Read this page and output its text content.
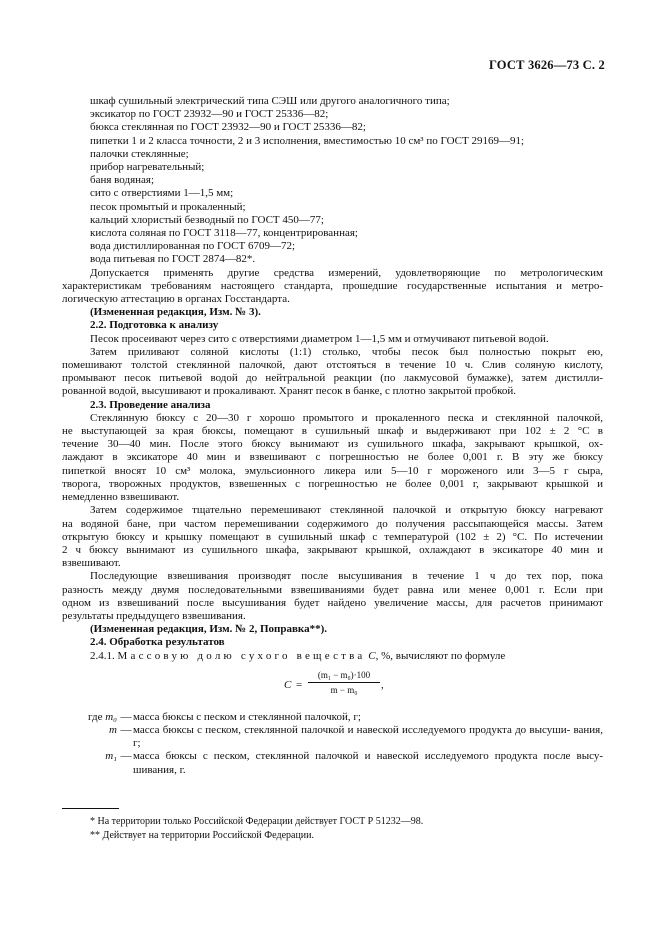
ГОСТ 3626—73 С. 2
шкаф сушильный электрический типа СЭШ или другого аналогичного типа;
эксикатор по ГОСТ 23932—90 и ГОСТ 25336—82;
бюкса стеклянная по ГОСТ 23932—90 и ГОСТ 25336—82;
пипетки 1 и 2 класса точности, 2 и 3 исполнения, вместимостью 10 см³ по ГОСТ 29169—91;
палочки стеклянные;
прибор нагревательный;
баня водяная;
сито с отверстиями 1—1,5 мм;
песок промытый и прокаленный;
кальций хлористый безводный по ГОСТ 450—77;
кислота соляная по ГОСТ 3118—77, концентрированная;
вода дистиллированная по ГОСТ 6709—72;
вода питьевая по ГОСТ 2874—82*.
Допускается применять другие средства измерений, удовлетворяющие по метрологическим
характеристикам требованиям настоящего стандарта, прошедшие государственные испытания и метро-
логическую аттестацию в органах Госстандарта.
(Измененная редакция, Изм. № 3).
2.2. Подготовка к анализу
Песок просеивают через сито с отверстиями диаметром 1—1,5 мм и отмучивают питьевой водой.
Затем приливают соляной кислоты (1:1) столько, чтобы песок был полностью покрыт ею,
помешивают толстой стеклянной палочкой, дают отстояться в течение 10 ч. Слив соляную кислоту,
промывают песок питьевой водой до нейтральной реакции (по лакмусовой бумажке), затем дистилли-
рованной водой, высушивают и прокаливают. Хранят песок в банке, с плотно закрытой пробкой.
2.3. Проведение анализа
Стеклянную бюксу с 20—30 г хорошо промытого и прокаленного песка и стеклянной палочкой,
не выступающей за края бюксы, помещают в сушильный шкаф и выдерживают при 102 ± 2 °С в
течение 30—40 мин. После этого бюксу вынимают из сушильного шкафа, закрывают крышкой, ох-
лаждают в эксикаторе 40 мин и взвешивают с погрешностью не более 0,001 г. В эту же бюксу
пипеткой вносят 10 см³ молока, эмульсионного ликера или 5—10 г мороженого или 3—5 г сыра,
творога, творожных продуктов, взвешенных с погрешностью не более 0,001 г, закрывают крышкой и
немедленно взвешивают.
Затем содержимое тщательно перемешивают стеклянной палочкой и открытую бюксу нагревают
на водяной бане, при частом перемешивании содержимого до получения рассыпающейся массы. Затем
открытую бюксу и крышку помещают в сушильный шкаф с температурой (102 ± 2) °С. По истечении
2 ч бюксу вынимают из сушильного шкафа, закрывают крышкой, охлаждают в эксикаторе 40 мин и
взвешивают.
Последующие взвешивания производят после высушивания в течение 1 ч до тех пор, пока
разность между двумя последовательными взвешиваниями будет равна или менее 0,001 г. Если при
одном из взвешиваний после высушивания будет найдено увеличение массы, для расчетов принимают
результаты предыдущего взвешивания.
(Измененная редакция, Изм. № 2, Поправка**).
2.4. Обработка результатов
2.4.1. Массовую долю сухого вещества C, %, вычисляют по формуле
$C = \frac{\text{(m₁ − m₀)·100}}{\text{m − m₀}}$ ,
где m₀ — масса бюксы с песком и стеклянной палочкой, г;
m — масса бюксы с песком, стеклянной палочкой и навеской исследуемого продукта до высуши- вания, г;
m₁ — масса бюксы с песком, стеклянной палочкой и навеской исследуемого продукта после высу- шивания, г.
* На территории только Российской Федерации действует ГОСТ Р 51232—98.
** Действует на территории Российской Федерации.
